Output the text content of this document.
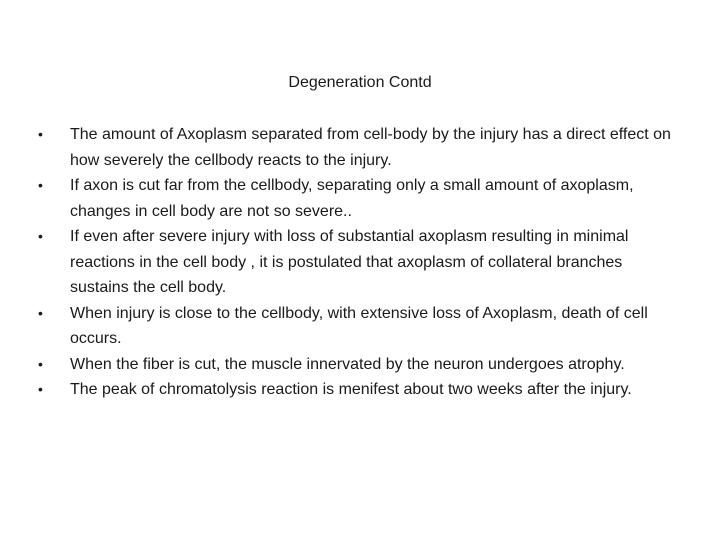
Degeneration Contd
•	The amount of Axoplasm separated from cell-body by the injury has a direct effect on how severely the cellbody reacts to the injury.
•	If axon is cut far from the cellbody, separating only a small amount of axoplasm, changes in cell body are not so severe..
•	If even after severe injury with loss of substantial axoplasm resulting in minimal reactions in the cell body , it is postulated that axoplasm of collateral branches sustains the cell body.
•	When injury is close to the cellbody, with extensive loss of Axoplasm, death of cell occurs.
•	When the fiber is cut, the muscle innervated by the neuron undergoes atrophy.
•	The peak of chromatolysis reaction is menifest about two weeks after the injury.
